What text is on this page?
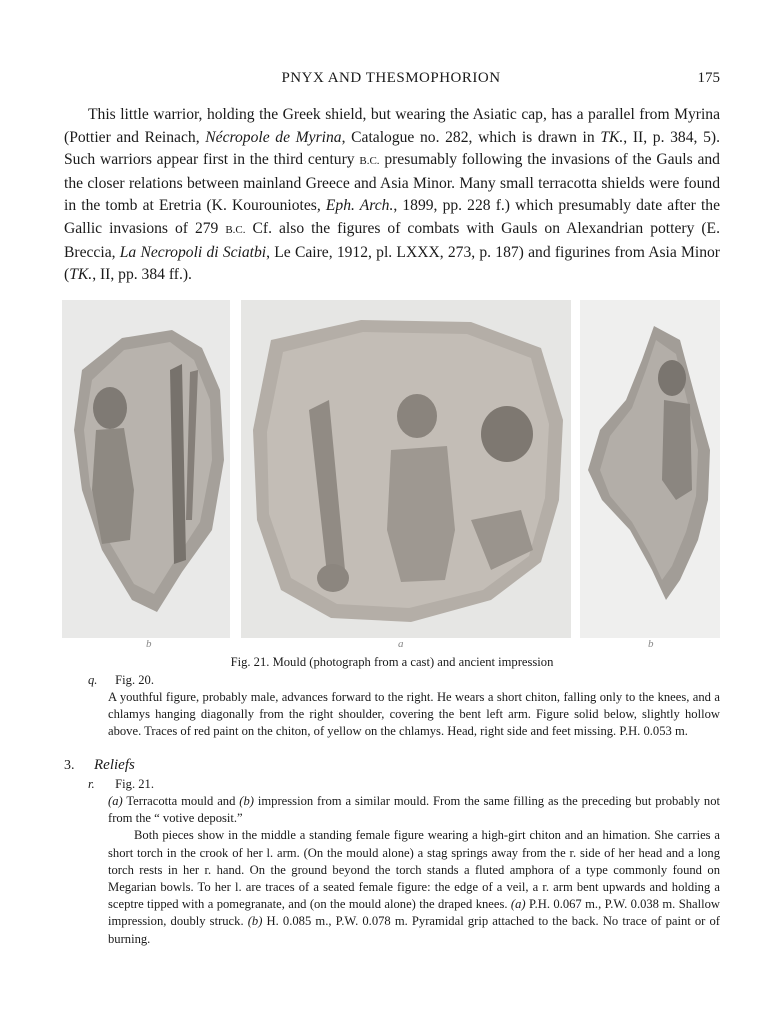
PNYX AND THESMOPHORION	175

This little warrior, holding the Greek shield, but wearing the Asiatic cap, has a parallel from Myrina (Pottier and Reinach, Nécropole de Myrina, Catalogue no. 282, which is drawn in TK., II, p. 384, 5). Such warriors appear first in the third century B.C. presumably following the invasions of the Gauls and the closer relations between mainland Greece and Asia Minor. Many small terracotta shields were found in the tomb at Eretria (K. Kourouniotes, Eph. Arch., 1899, pp. 228 f.) which presumably date after the Gallic invasions of 279 B.C. Cf. also the figures of combats with Gauls on Alexandrian pottery (E. Breccia, La Necropoli di Sciatbi, Le Caire, 1912, pl. LXXX, 273, p. 187) and figurines from Asia Minor (TK., II, pp. 384 ff.).

b	a	b
Fig. 21. Mould (photograph from a cast) and ancient impression
q. Fig. 20.
A youthful figure, probably male, advances forward to the right. He wears a short chiton, falling only to the knees, and a chlamys hanging diagonally from the right shoulder, covering the bent left arm. Figure solid below, slightly hollow above. Traces of red paint on the chiton, of yellow on the chlamys. Head, right side and feet missing. P.H. 0.053 m.
3. Reliefs
r. Fig. 21.

(a) Terracotta mould and (b) impression from a similar mould. From the same filling as the preceding but probably not from the “ votive deposit.”

Both pieces show in the middle a standing female figure wearing a high-girt chiton and an himation. She carries a short torch in the crook of her l. arm. (On the mould alone) a stag springs away from the r. side of her head and a long torch rests in her r. hand. On the ground beyond the torch stands a fluted amphora of a type commonly found on Megarian bowls. To her l. are traces of a seated female figure: the edge of a veil, a r. arm bent upwards and holding a sceptre tipped with a pomegranate, and (on the mould alone) the draped knees. (a) P.H. 0.067 m., P.W. 0.038 m. Shallow impression, doubly struck. (b) H. 0.085 m., P.W. 0.078 m. Pyramidal grip attached to the back. No trace of paint or of burning.
